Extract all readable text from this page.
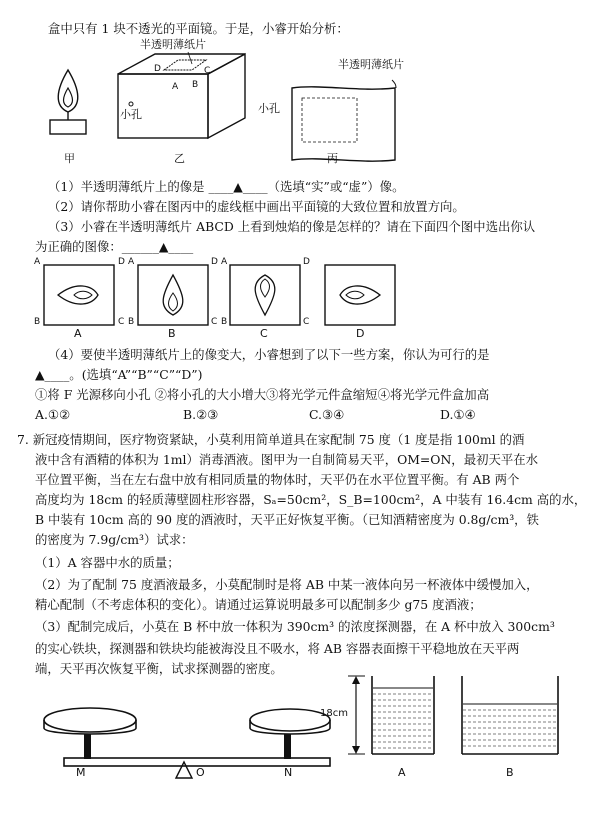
盒中只有 1 块不透光的平面镜。于是，小睿开始分析：
半透明薄纸片
半透明薄纸片
D	C
A B
小孔	小孔
甲	乙	丙
（1）半透明薄纸片上的像是 ____▲____（选填“实”或“虚”）像。
（2）请你帮助小睿在图丙中的虚线框中画出平面镜的大致位置和放置方向。
（3）小睿在半透明薄纸片 ABCD 上看到烛焰的像是怎样的？请在下面四个图中选出你认
为正确的图像：______▲____
A	D
B	C
A	D
B	C
A	D
B	C
A	B	C	D
（4）要使半透明薄纸片上的像变大，小睿想到了以下一些方案，你认为可行的是
▲____。(选填“A”“B”“C”“D”)
①将 F 光源移向小孔 ②将小孔的大小增大③将光学元件盒缩短④将光学元件盒加高
A.①②	B.②③	C.③④	D.①④
7. 新冠疫情期间，医疗物资紧缺，小莫利用简单道具在家配制 75 度（1 度是指 100ml 的酒
液中含有酒精的体积为 1ml）消毒酒液。图甲为一自制简易天平，OM=ON，最初天平在水
平位置平衡，当在左右盘中放有相同质量的物体时，天平仍在水平位置平衡。有 AB 两个
高度均为 18cm 的轻质薄壁圆柱形容器，Sₐ=50cm²，S_B=100cm²，A 中装有 16.4cm 高的水，
B 中装有 10cm 高的 90 度的酒液时，天平正好恢复平衡。（已知酒精密度为 0.8g/cm³，铁
的密度为 7.9g/cm³）试求：
（1）A 容器中水的质量；
（2）为了配制 75 度酒液最多，小莫配制时是将 AB 中某一液体向另一杯液体中缓慢加入，
精心配制（不考虑体积的变化）。请通过运算说明最多可以配制多少 g75 度酒液；
（3）配制完成后，小莫在 B 杯中放一体积为 390cm³ 的浓度探测器，在 A 杯中放入 300cm³
的实心铁块，探测器和铁块均能被海没且不吸水，将 AB 容器表面擦干平稳地放在天平两
端，天平再次恢复平衡，试求探测器的密度。
M	O	N
18cm
A	B
